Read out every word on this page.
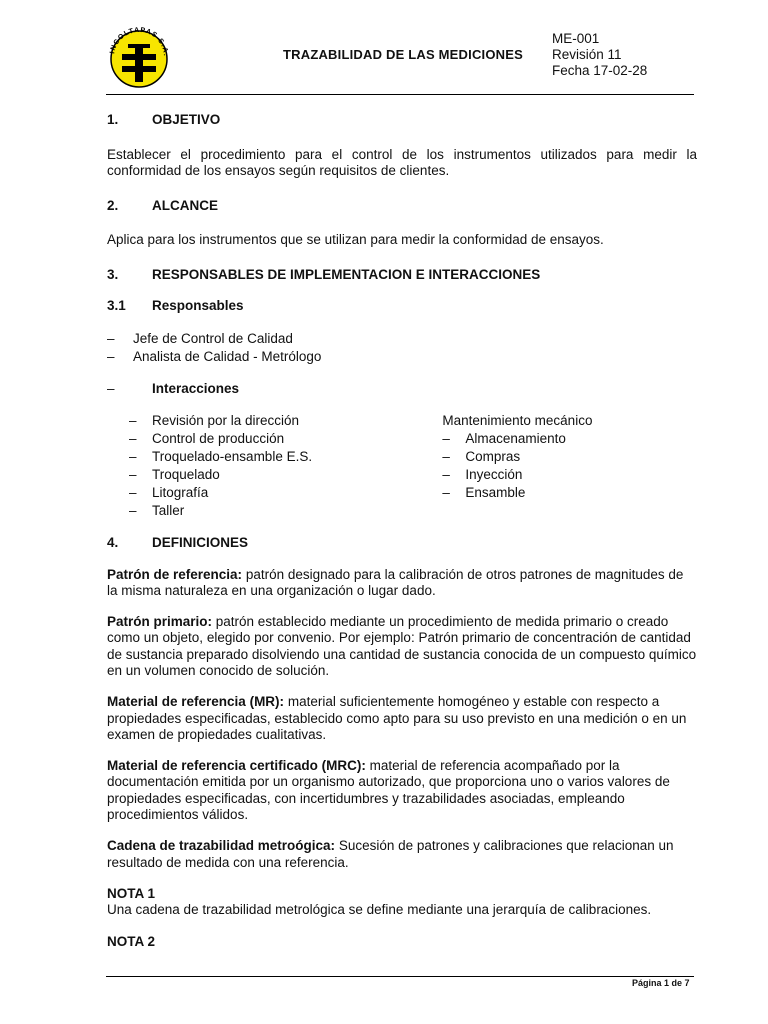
INCOLTAPAS S.A.	TRAZABILIDAD DE LAS MEDICIONES
ME-001
Revisión 11
Fecha 17-02-28
1.	OBJETIVO
Establecer el procedimiento para el control de los instrumentos utilizados para medir la conformidad de los ensayos según requisitos de clientes.
2.	ALCANCE
Aplica para los instrumentos que se utilizan para medir la conformidad de ensayos.
3.	RESPONSABLES DE IMPLEMENTACION E INTERACCIONES
3.1	Responsables
–	Jefe de Control de Calidad
–	Analista de Calidad - Metrólogo
–	Interacciones
–	Revisión por la dirección
–	Control de producción
–	Troquelado-ensamble E.S.
–	Troquelado
–	Litografía
–	Taller
Mantenimiento mecánico
–	Almacenamiento
–	Compras
–	Inyección
–	Ensamble
4.	DEFINICIONES

Patrón de referencia: patrón designado para la calibración de otros patrones de magnitudes de la misma naturaleza en una organización o lugar dado.

Patrón primario: patrón establecido mediante un procedimiento de medida primario o creado como un objeto, elegido por convenio. Por ejemplo: Patrón primario de concentración de cantidad de sustancia preparado disolviendo una cantidad de sustancia conocida de un compuesto químico en un volumen conocido de solución.

Material de referencia (MR): material suficientemente homogéneo y estable con respecto a propiedades especificadas, establecido como apto para su uso previsto en una medición o en un examen de propiedades cualitativas.

Material de referencia certificado (MRC): material de referencia acompañado por la documentación emitida por un organismo autorizado, que proporciona uno o varios valores de propiedades especificadas, con incertidumbres y trazabilidades asociadas, empleando procedimientos válidos.

Cadena de trazabilidad metroógica: Sucesión de patrones y calibraciones que relacionan un resultado de medida con una referencia.

NOTA 1
Una cadena de trazabilidad metrológica se define mediante una jerarquía de calibraciones.

NOTA 2

Página 1 de 7
